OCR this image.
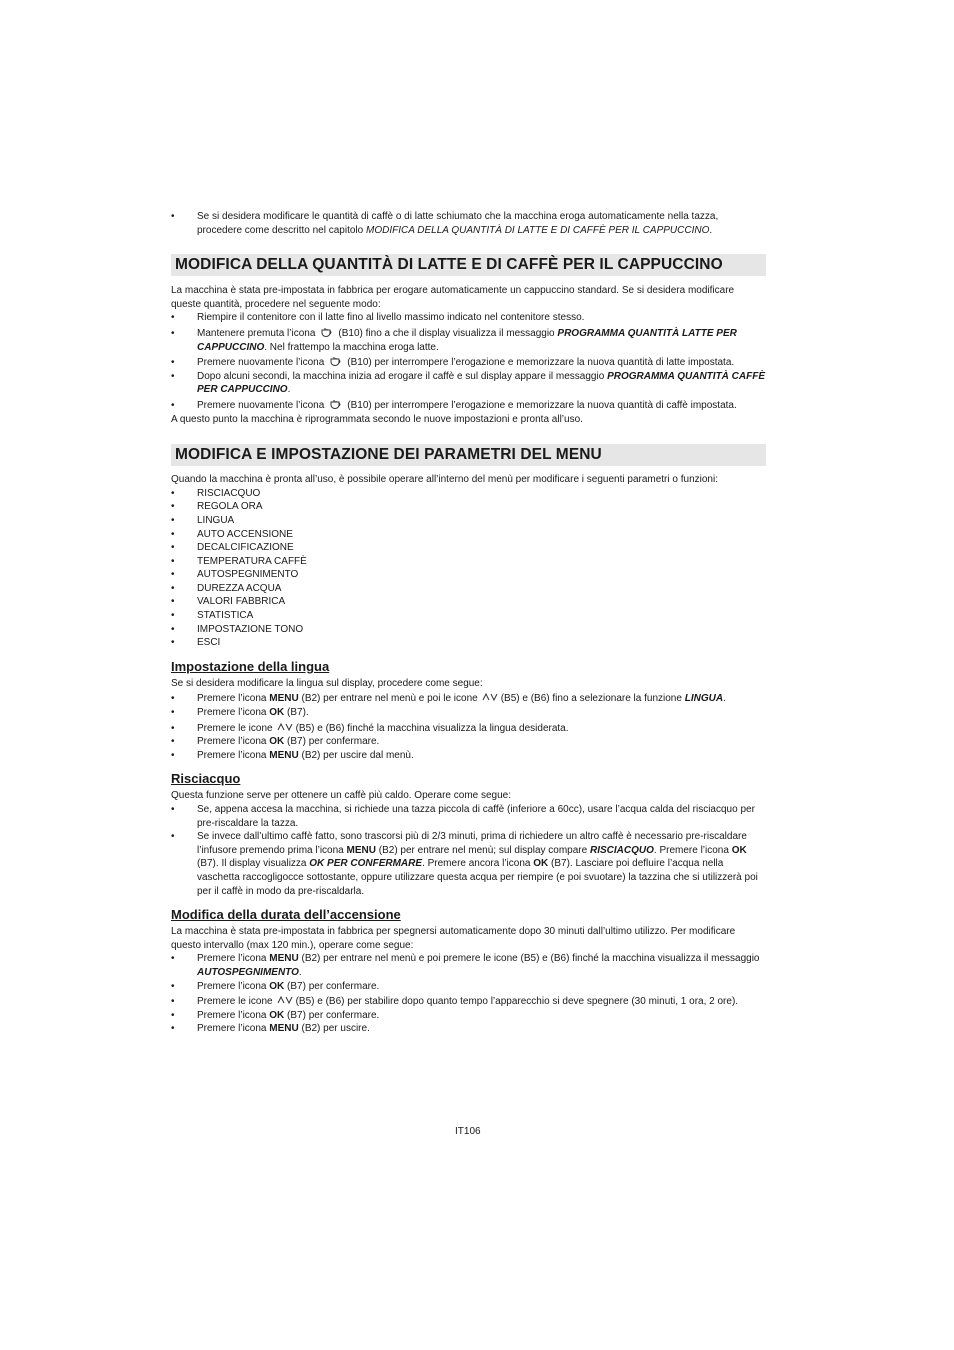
• Se si desidera modificare le quantità di caffè o di latte schiumato che la macchina eroga automaticamente nella tazza, procedere come descritto nel capitolo MODIFICA DELLA QUANTITÀ DI LATTE E DI CAFFÈ PER IL CAPPUCCINO.
MODIFICA DELLA QUANTITÀ DI LATTE E DI CAFFÈ PER IL CAPPUCCINO

La macchina è stata pre-impostata in fabbrica per erogare automaticamente un cappuccino standard. Se si desidera modificare queste quantità, procedere nel seguente modo:

• Riempire il contenitore con il latte fino al livello massimo indicato nel contenitore stesso.
• Mantenere premuta l’icona (B10) fino a che il display visualizza il messaggio PROGRAMMA QUANTITÀ LATTE PER CAPPUCCINO. Nel frattempo la macchina eroga latte.
• Premere nuovamente l’icona (B10) per interrompere l’erogazione e memorizzare la nuova quantità di latte impostata.
• Dopo alcuni secondi, la macchina inizia ad erogare il caffè e sul display appare il messaggio PROGRAMMA QUANTITÀ CAFFÈ PER CAPPUCCINO.
• Premere nuovamente l’icona (B10) per interrompere l’erogazione e memorizzare la nuova quantità di caffè impostata.

A questo punto la macchina è riprogrammata secondo le nuove impostazioni e pronta all’uso.

MODIFICA E IMPOSTAZIONE DEI PARAMETRI DEL MENU

Quando la macchina è pronta all’uso, è possibile operare all’interno del menù per modificare i seguenti parametri o funzioni:

• RISCIACQUO
• REGOLA ORA
• LINGUA
• AUTO ACCENSIONE
• DECALCIFICAZIONE
• TEMPERATURA CAFFÈ
• AUTOSPEGNIMENTO
• DUREZZA ACQUA
• VALORI FABBRICA
• STATISTICA
• IMPOSTAZIONE TONO
• ESCI
Impostazione della lingua

Se si desidera modificare la lingua sul display, procedere come segue:

• Premere l’icona MENU (B2) per entrare nel menù e poi le icone (B5) e (B6) fino a selezionare la funzione LINGUA.
• Premere l’icona OK (B7).
• Premere le icone (B5) e (B6) finché la macchina visualizza la lingua desiderata.
• Premere l’icona OK (B7) per confermare.
• Premere l’icona MENU (B2) per uscire dal menù.
Risciacquo

Questa funzione serve per ottenere un caffè più caldo. Operare come segue:

• Se, appena accesa la macchina, si richiede una tazza piccola di caffè (inferiore a 60cc), usare l’acqua calda del risciacquo per pre-riscaldare la tazza.
• Se invece dall’ultimo caffè fatto, sono trascorsi più di 2/3 minuti, prima di richiedere un altro caffè è necessario pre-riscaldare l’infusore premendo prima l’icona MENU (B2) per entrare nel menù; sul display compare RISCIACQUO. Premere l’icona OK (B7). Il display visualizza OK PER CONFERMARE. Premere ancora l’icona OK (B7). Lasciare poi defluire l’acqua nella vaschetta raccogligocce sottostante, oppure utilizzare questa acqua per riempire (e poi svuotare) la tazzina che si utilizzerà poi per il caffè in modo da pre-riscaldarla.
Modifica della durata dell’accensione

La macchina è stata pre-impostata in fabbrica per spegnersi automaticamente dopo 30 minuti dall’ultimo utilizzo. Per modificare questo intervallo (max 120 min.), operare come segue:

• Premere l’icona MENU (B2) per entrare nel menù e poi premere le icone (B5) e (B6) finché la macchina visualizza il messaggio AUTOSPEGNIMENTO.
• Premere l’icona OK (B7) per confermare.
• Premere le icone (B5) e (B6) per stabilire dopo quanto tempo l’apparecchio si deve spegnere (30 minuti, 1 ora, 2 ore).
• Premere l’icona OK (B7) per confermare.
• Premere l’icona MENU (B2) per uscire.
IT106
